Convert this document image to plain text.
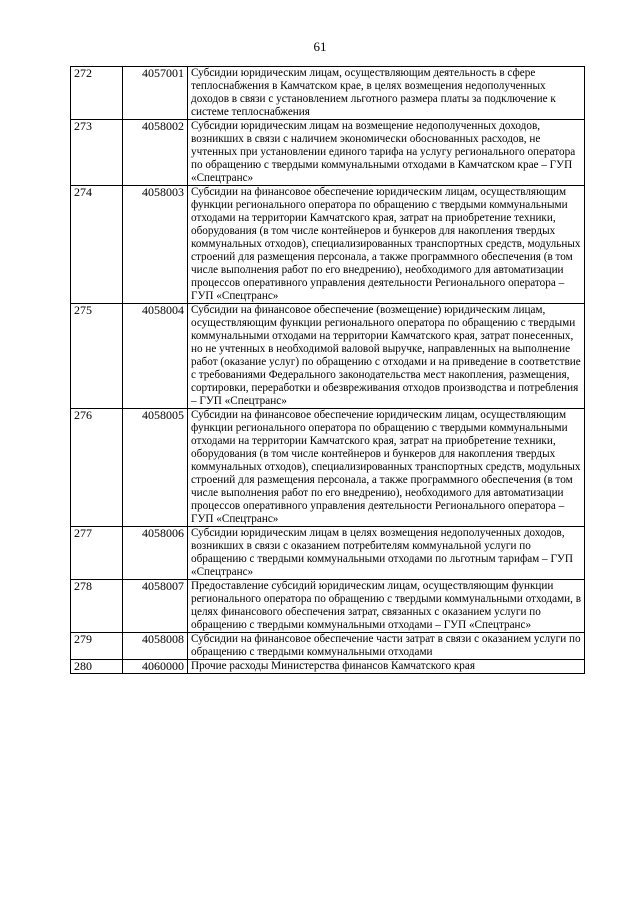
61
272	4057001	Субсидии юридическим лицам, осуществляющим деятельность в сфере теплоснабжения в Камчатском крае, в целях возмещения недополученных доходов в связи с установлением льготного размера платы за подключение к системе теплоснабжения
273	4058002	Субсидии юридическим лицам на возмещение недополученных доходов, возникших в связи с наличием экономически обоснованных расходов, не учтенных при установлении единого тарифа на услугу регионального оператора по обращению с твердыми коммунальными отходами в Камчатском крае – ГУП «Спецтранс»
274	4058003	Субсидии на финансовое обеспечение юридическим лицам, осуществляющим функции регионального оператора по обращению с твердыми коммунальными отходами на территории Камчатского края, затрат на приобретение техники, оборудования (в том числе контейнеров и бункеров для накопления твердых коммунальных отходов), специализированных транспортных средств, модульных строений для размещения персонала, а также программного обеспечения (в том числе выполнения работ по его внедрению), необходимого для автоматизации процессов оперативного управления деятельности Регионального оператора – ГУП «Спецтранс»
275	4058004	Субсидии на финансовое обеспечение (возмещение) юридическим лицам, осуществляющим функции регионального оператора по обращению с твердыми коммунальными отходами на территории Камчатского края, затрат понесенных, но не учтенных в необходимой валовой выручке, направленных на выполнение работ (оказание услуг) по обращению с отходами и на приведение в соответствие с требованиями Федерального законодательства мест накопления, размещения, сортировки, переработки и обезвреживания отходов производства и потребления – ГУП «Спецтранс»
276	4058005	Субсидии на финансовое обеспечение юридическим лицам, осуществляющим функции регионального оператора по обращению с твердыми коммунальными отходами на территории Камчатского края, затрат на приобретение техники, оборудования (в том числе контейнеров и бункеров для накопления твердых коммунальных отходов), специализированных транспортных средств, модульных строений для размещения персонала, а также программного обеспечения (в том числе выполнения работ по его внедрению), необходимого для автоматизации процессов оперативного управления деятельности Регионального оператора – ГУП «Спецтранс»
277	4058006	Субсидии юридическим лицам в целях возмещения недополученных доходов, возникших в связи с оказанием потребителям коммунальной услуги по обращению с твердыми коммунальными отходами по льготным тарифам – ГУП «Спецтранс»
278	4058007	Предоставление субсидий юридическим лицам, осуществляющим функции регионального оператора по обращению с твердыми коммунальными отходами, в целях финансового обеспечения затрат, связанных с оказанием услуги по обращению с твердыми коммунальными отходами – ГУП «Спецтранс»
279	4058008	Субсидии на финансовое обеспечение части затрат в связи с оказанием услуги по обращению с твердыми коммунальными отходами
280	4060000	Прочие расходы Министерства финансов Камчатского края
